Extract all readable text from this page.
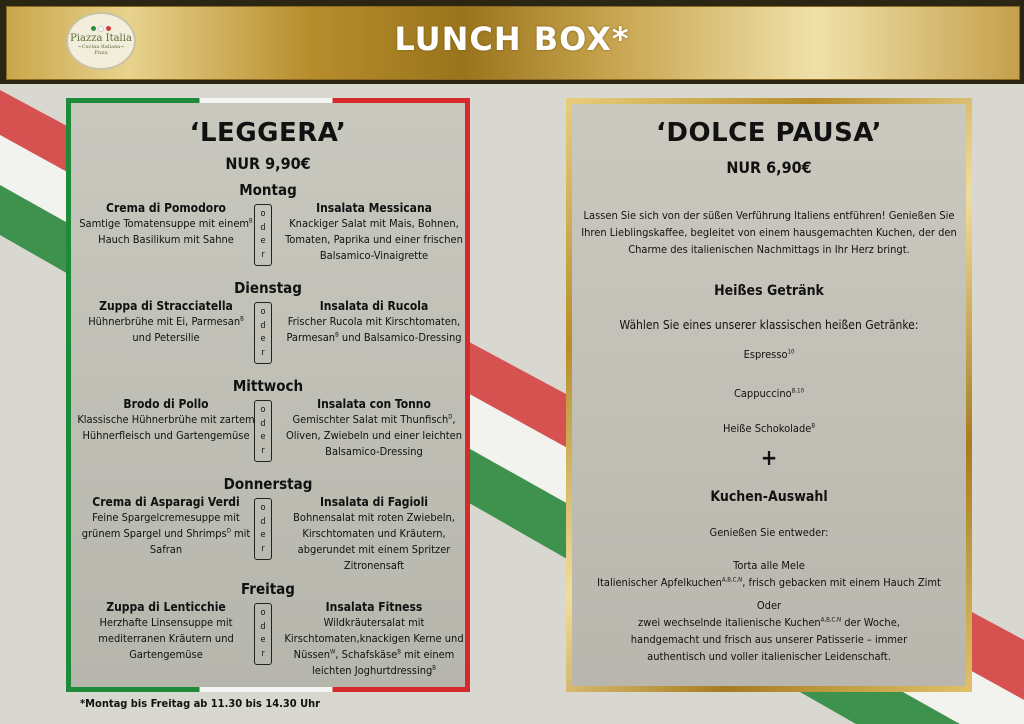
Piazza Italia
~Cucina Italiana~
Pizza	LUNCH BOX*
‘LEGGERA’
NUR 9,90€
Montag
Crema di Pomodoro
Samtige Tomatensuppe mit einem$^B$
Hauch Basilikum mit Sahne
o
d
e
r
Insalata Messicana
Knackiger Salat mit Mais, Bohnen,
Tomaten, Paprika und einer frischen
Balsamico-Vinaigrette
Dienstag
Zuppa di Stracciatella
Hühnerbrühe mit Ei, Parmesan$^B$
und Petersilie
o
d
e
r
Insalata di Rucola
Frischer Rucola mit Kirschtomaten,
Parmesan$^B$ und Balsamico-Dressing
Mittwoch
Brodo di Pollo
Klassische Hühnerbrühe mit zartem
Hühnerfleisch und Gartengemüse
o
d
e
r
Insalata con Tonno
Gemischter Salat mit Thunfisch$^D$,
Oliven, Zwiebeln und einer leichten
Balsamico-Dressing
Donnerstag
Crema di Asparagi Verdi
Feine Spargelcremesuppe mit
grünem Spargel und Shrimps$^D$ mit
Safran
o
d
e
r
Insalata di Fagioli
Bohnensalat mit roten Zwiebeln,
Kirschtomaten und Kräutern,
abgerundet mit einem Spritzer
Zitronensaft
Freitag
Zuppa di Lenticchie
Herzhafte Linsensuppe mit
mediterranen Kräutern und
Gartengemüse
o
d
e
r
Insalata Fitness
Wildkräutersalat mit
Kirschtomaten,knackigen Kerne und
Nüssen$^W$, Schafskäse$^B$ mit einem
leichten Joghurtdressing$^B$
*Montag bis Freitag ab 11.30 bis 14.30 Uhr
‘DOLCE PAUSA’
NUR 6,90€
Lassen Sie sich von der süßen Verführung Italiens entführen! Genießen Sie
Ihren Lieblingskaffee, begleitet von einem hausgemachten Kuchen, der den
Charme des italienischen Nachmittags in Ihr Herz bringt.
Heißes Getränk
Wählen Sie eines unserer klassischen heißen Getränke:
Espresso$^{10}$
Cappuccino$^{B,10}$
Heiße Schokolade$^B$
+
Kuchen-Auswahl
Genießen Sie entweder:
Torta alle Mele
Italienischer Apfelkuchen$^{A,B,C,N}$, frisch gebacken mit einem Hauch Zimt
Oder
zwei wechselnde italienische Kuchen$^{A,B,C,N}$ der Woche,
handgemacht und frisch aus unserer Patisserie – immer
authentisch und voller italienischer Leidenschaft.
